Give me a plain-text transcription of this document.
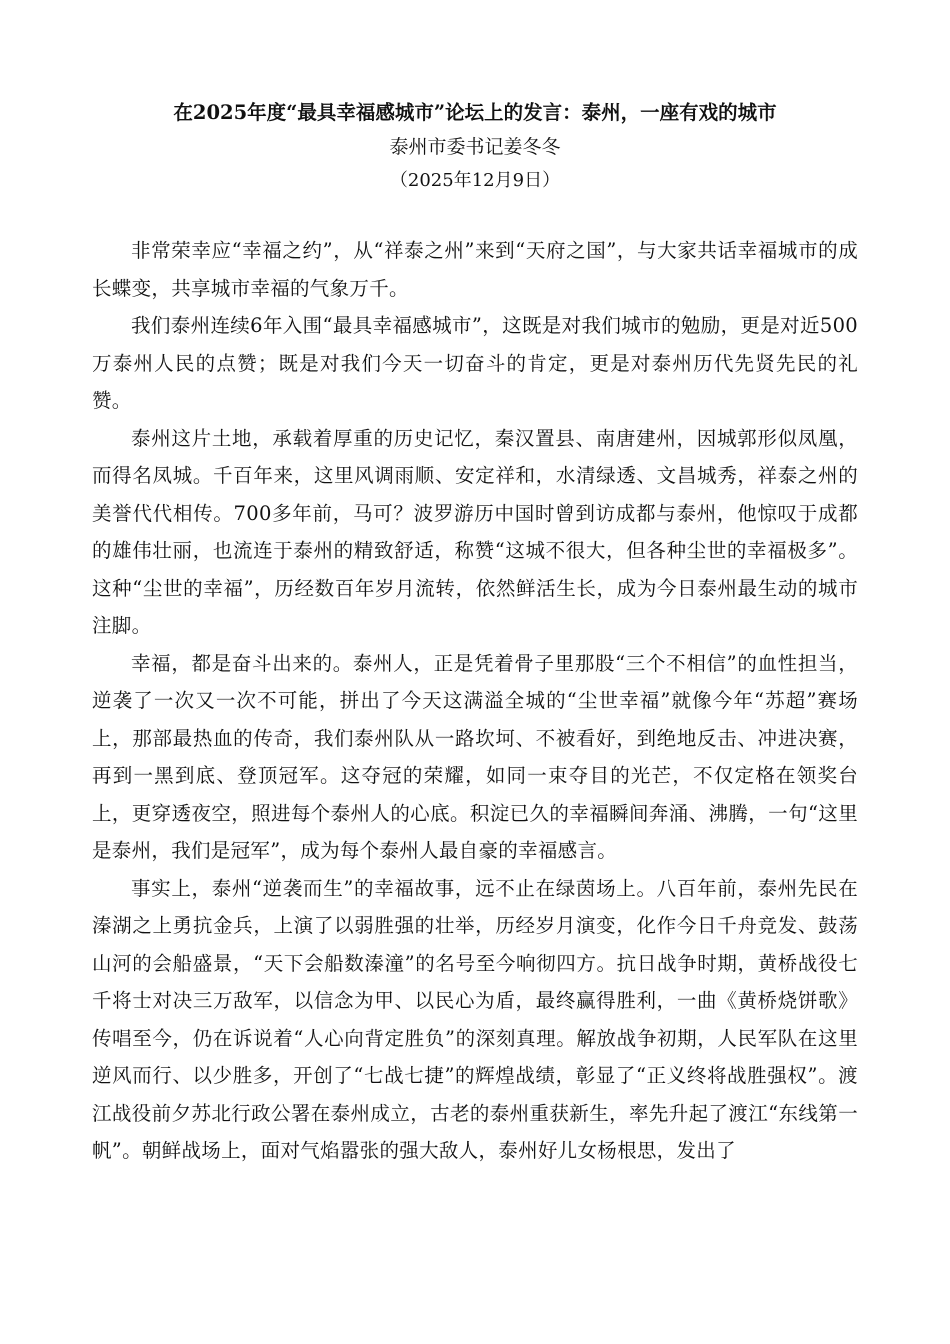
在2025年度“最具幸福感城市”论坛上的发言：泰州，一座有戏的城市

泰州市委书记姜冬冬

（2025年12月9日）

非常荣幸应“幸福之约”，从“祥泰之州”来到“天府之国”，与大家共话幸福城市的成长蝶变，共享城市幸福的气象万千。

我们泰州连续6年入围“最具幸福感城市”，这既是对我们城市的勉励，更是对近500万泰州人民的点赞；既是对我们今天一切奋斗的肯定，更是对泰州历代先贤先民的礼赞。

泰州这片土地，承载着厚重的历史记忆，秦汉置县、南唐建州，因城郭形似凤凰，而得名凤城。千百年来，这里风调雨顺、安定祥和，水清绿透、文昌城秀，祥泰之州的美誉代代相传。700多年前，马可？波罗游历中国时曾到访成都与泰州，他惊叹于成都的雄伟壮丽，也流连于泰州的精致舒适，称赞“这城不很大，但各种尘世的幸福极多”。这种“尘世的幸福”，历经数百年岁月流转，依然鲜活生长，成为今日泰州最生动的城市注脚。

幸福，都是奋斗出来的。泰州人，正是凭着骨子里那股“三个不相信”的血性担当，逆袭了一次又一次不可能，拼出了今天这满溢全城的“尘世幸福”就像今年“苏超”赛场上，那部最热血的传奇，我们泰州队从一路坎坷、不被看好，到绝地反击、冲进决赛，再到一黑到底、登顶冠军。这夺冠的荣耀，如同一束夺目的光芒，不仅定格在领奖台上，更穿透夜空，照进每个泰州人的心底。积淀已久的幸福瞬间奔涌、沸腾，一句“这里是泰州，我们是冠军”，成为每个泰州人最自豪的幸福感言。

事实上，泰州“逆袭而生”的幸福故事，远不止在绿茵场上。八百年前，泰州先民在溱湖之上勇抗金兵，上演了以弱胜强的壮举，历经岁月演变，化作今日千舟竞发、鼓荡山河的会船盛景，“天下会船数溱潼”的名号至今响彻四方。抗日战争时期，黄桥战役七千将士对决三万敌军，以信念为甲、以民心为盾，最终赢得胜利，一曲《黄桥烧饼歌》传唱至今，仍在诉说着“人心向背定胜负”的深刻真理。解放战争初期，人民军队在这里逆风而行、以少胜多，开创了“七战七捷”的辉煌战绩，彰显了“正义终将战胜强权”。渡江战役前夕苏北行政公署在泰州成立，古老的泰州重获新生，率先升起了渡江“东线第一帆”。朝鲜战场上，面对气焰嚣张的强大敌人，泰州好儿女杨根思，发出了
